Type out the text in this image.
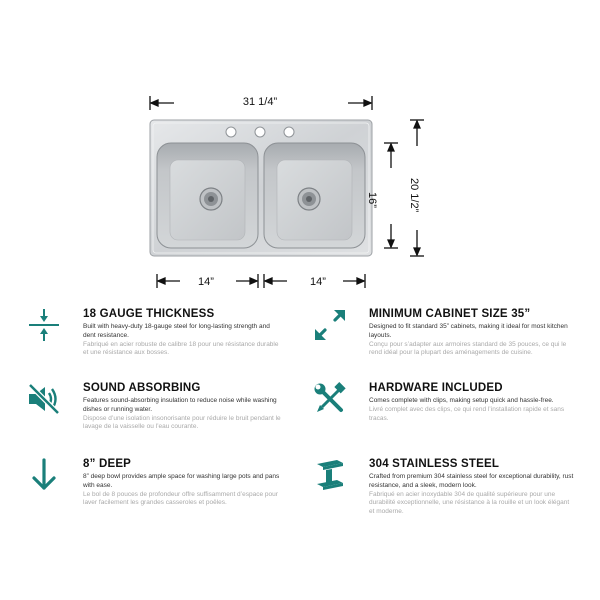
31 1/4”
14”	14”
16”	20 1/2”
18 GAUGE THICKNESS
Built with heavy-duty 18-gauge steel for long-lasting strength and dent resistance.
Fabriqué en acier robuste de calibre 18 pour une résistance durable et une résistance aux bosses.
MINIMUM CABINET SIZE 35”
Designed to fit standard 35” cabinets, making it ideal for most kitchen layouts.
Conçu pour s’adapter aux armoires standard de 35 pouces, ce qui le rend idéal pour la plupart des aménagements de cuisine.
SOUND ABSORBING
Features sound-absorbing insulation to reduce noise while washing dishes or running water.
Dispose d’une isolation insonorisante pour réduire le bruit pendant le lavage de la vaisselle ou l’eau courante.
HARDWARE INCLUDED
Comes complete with clips, making setup quick and hassle-free.
Livré complet avec des clips, ce qui rend l’installation rapide et sans tracas.
8” DEEP
8” deep bowl provides ample space for washing large pots and pans with ease.
Le bol de 8 pouces de profondeur offre suffisamment d’espace pour laver facilement les grandes casseroles et poêles.
304 STAINLESS STEEL
Crafted from premium 304 stainless steel for exceptional durability, rust resistance, and a sleek, modern look.
Fabriqué en acier inoxydable 304 de qualité supérieure pour une durabilité exceptionnelle, une résistance à la rouille et un look élégant et moderne.
